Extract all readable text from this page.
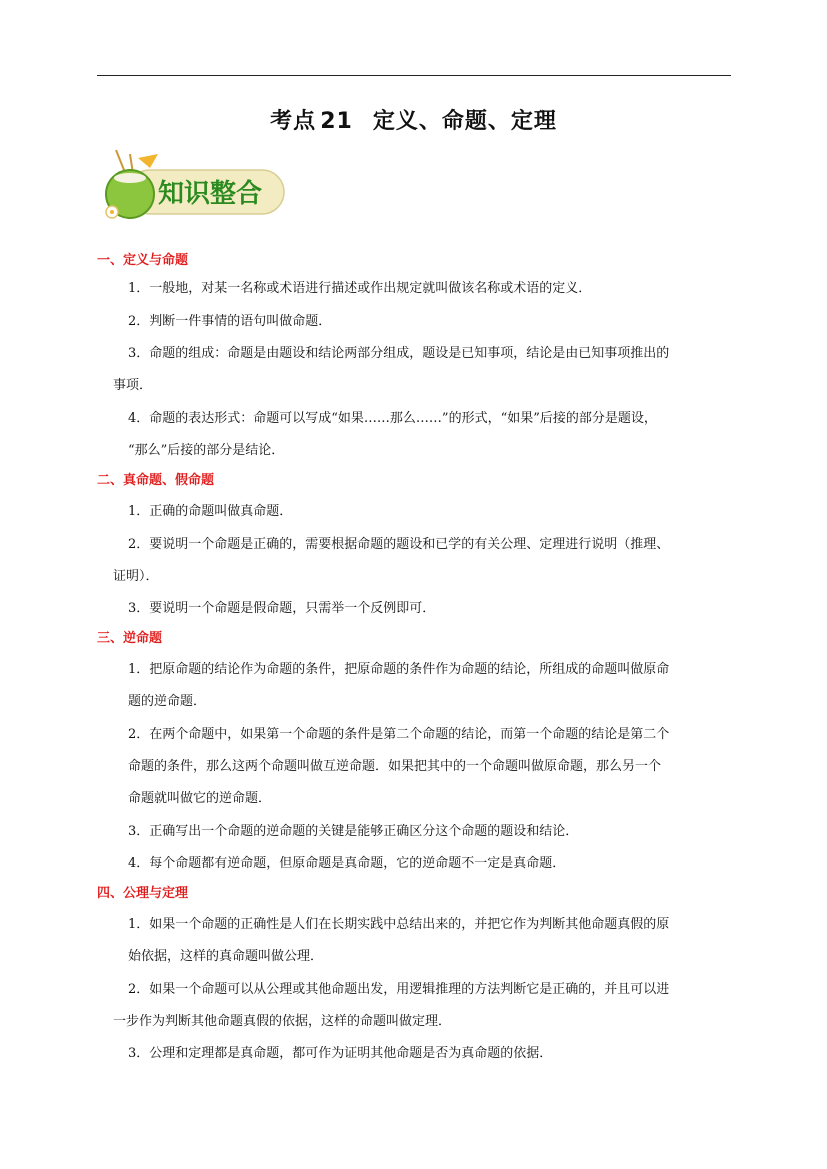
考点 21 定义、命题、定理
知识整合
一、定义与命题
1．一般地，对某一名称或术语进行描述或作出规定就叫做该名称或术语的定义．
2．判断一件事情的语句叫做命题．
3．命题的组成：命题是由题设和结论两部分组成，题设是已知事项，结论是由已知事项推出的
事项．
4．命题的表达形式：命题可以写成“如果……那么……”的形式，“如果”后接的部分是题设，
“那么”后接的部分是结论．
二、真命题、假命题
1．正确的命题叫做真命题．
2．要说明一个命题是正确的，需要根据命题的题设和已学的有关公理、定理进行说明（推理、
证明）．
3．要说明一个命题是假命题，只需举一个反例即可．
三、逆命题
1．把原命题的结论作为命题的条件，把原命题的条件作为命题的结论，所组成的命题叫做原命
题的逆命题．
2．在两个命题中，如果第一个命题的条件是第二个命题的结论，而第一个命题的结论是第二个
命题的条件，那么这两个命题叫做互逆命题．如果把其中的一个命题叫做原命题，那么另一个
命题就叫做它的逆命题．
3．正确写出一个命题的逆命题的关键是能够正确区分这个命题的题设和结论．
4．每个命题都有逆命题，但原命题是真命题，它的逆命题不一定是真命题．
四、公理与定理
1．如果一个命题的正确性是人们在长期实践中总结出来的，并把它作为判断其他命题真假的原
始依据，这样的真命题叫做公理．
2．如果一个命题可以从公理或其他命题出发，用逻辑推理的方法判断它是正确的，并且可以进
一步作为判断其他命题真假的依据，这样的命题叫做定理．
3．公理和定理都是真命题，都可作为证明其他命题是否为真命题的依据．
